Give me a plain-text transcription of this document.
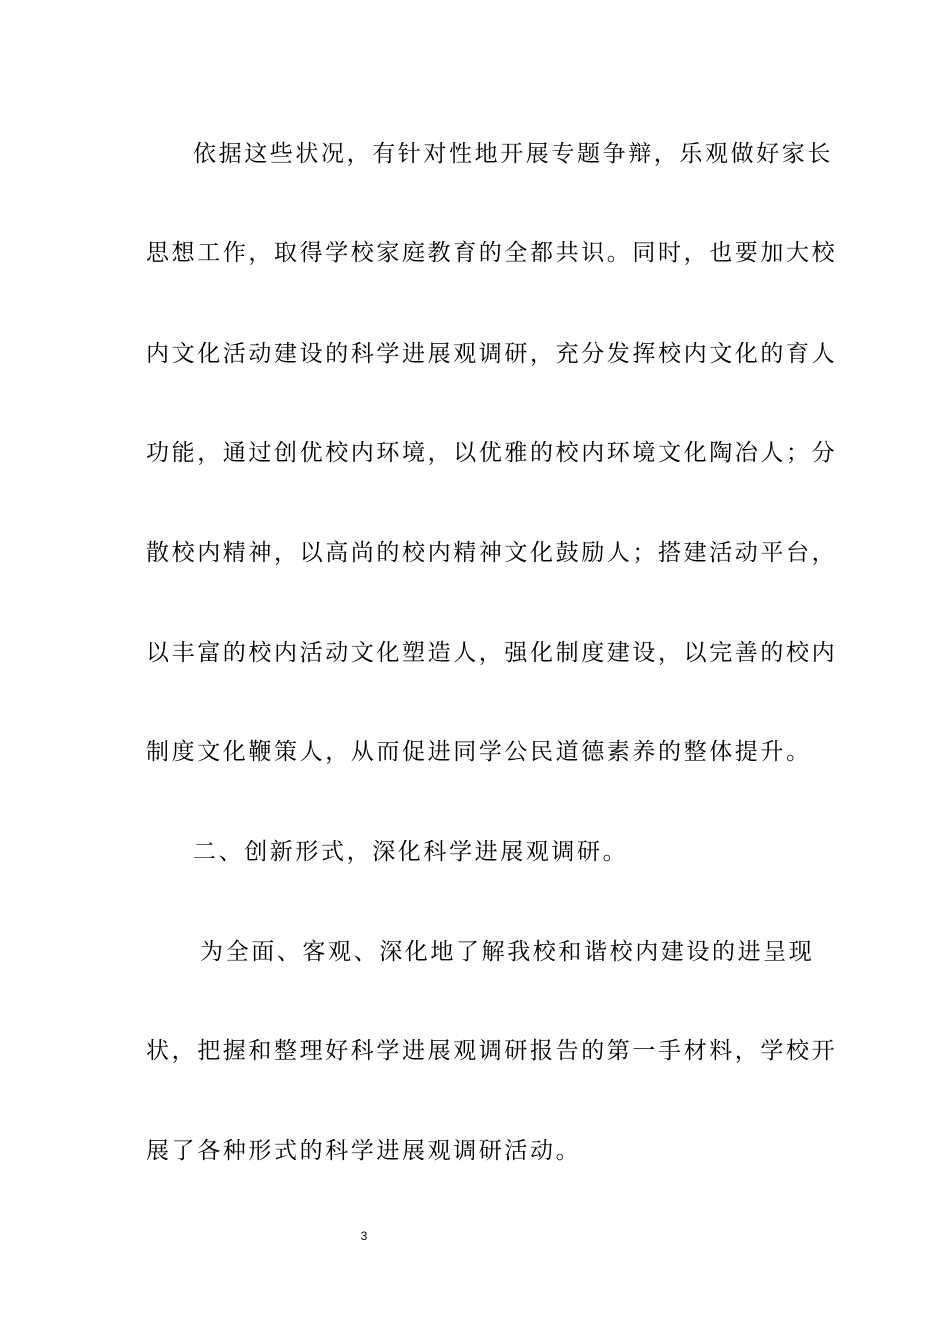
依据这些状况，有针对性地开展专题争辩，乐观做好家长
思想工作，取得学校家庭教育的全都共识。同时，也要加大校
内文化活动建设的科学进展观调研，充分发挥校内文化的育人
功能，通过创优校内环境，以优雅的校内环境文化陶冶人；分
散校内精神，以高尚的校内精神文化鼓励人；搭建活动平台，
以丰富的校内活动文化塑造人，强化制度建设，以完善的校内
制度文化鞭策人，从而促进同学公民道德素养的整体提升。
二、创新形式，深化科学进展观调研。
为全面、客观、深化地了解我校和谐校内建设的进呈现
状，把握和整理好科学进展观调研报告的第一手材料，学校开
展了各种形式的科学进展观调研活动。
3
